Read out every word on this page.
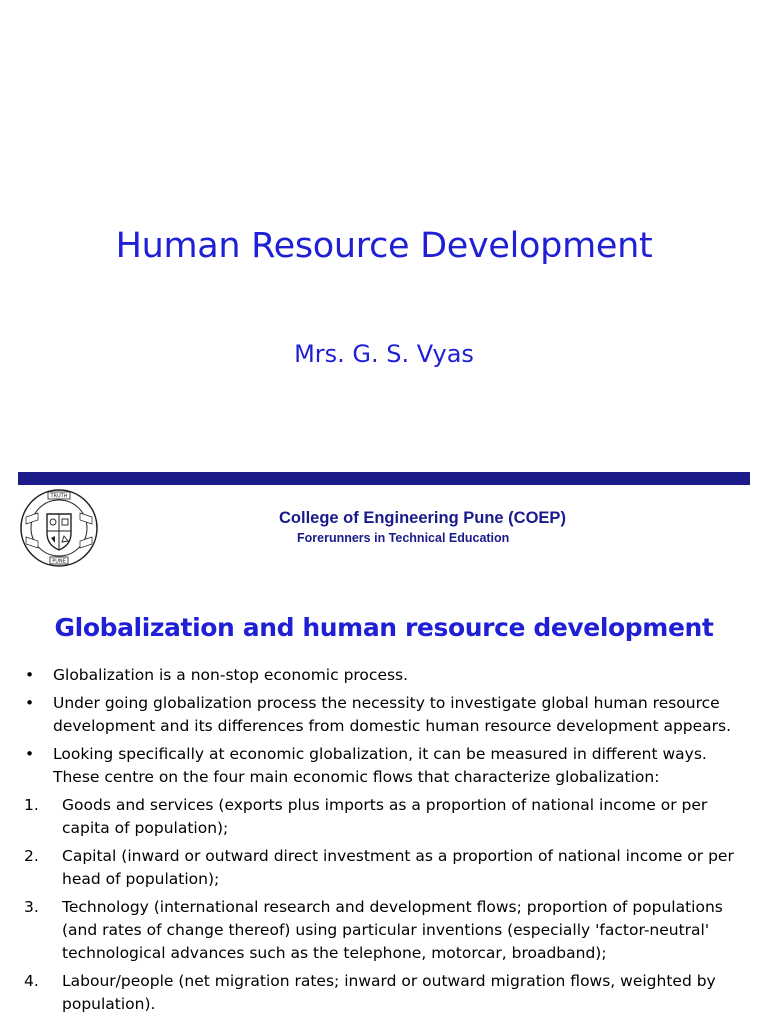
Human Resource Development
Mrs. G. S. Vyas
TRUTH
PUNE
College of Engineering Pune (COEP)
Forerunners in Technical Education
Globalization and human resource development
• Globalization is a non-stop economic process.
• Under going globalization process the necessity to investigate global human resource development and its differences from domestic human resource development appears.
• Looking specifically at economic globalization, it can be measured in different ways. These centre on the four main economic flows that characterize globalization:
1. Goods and services (exports plus imports as a proportion of national income or per capita of population);
2. Capital (inward or outward direct investment as a proportion of national income or per head of population);
3. Technology (international research and development flows; proportion of populations (and rates of change thereof) using particular inventions (especially 'factor-neutral' technological advances such as the telephone, motorcar, broadband);
4. Labour/people (net migration rates; inward or outward migration flows, weighted by population).
